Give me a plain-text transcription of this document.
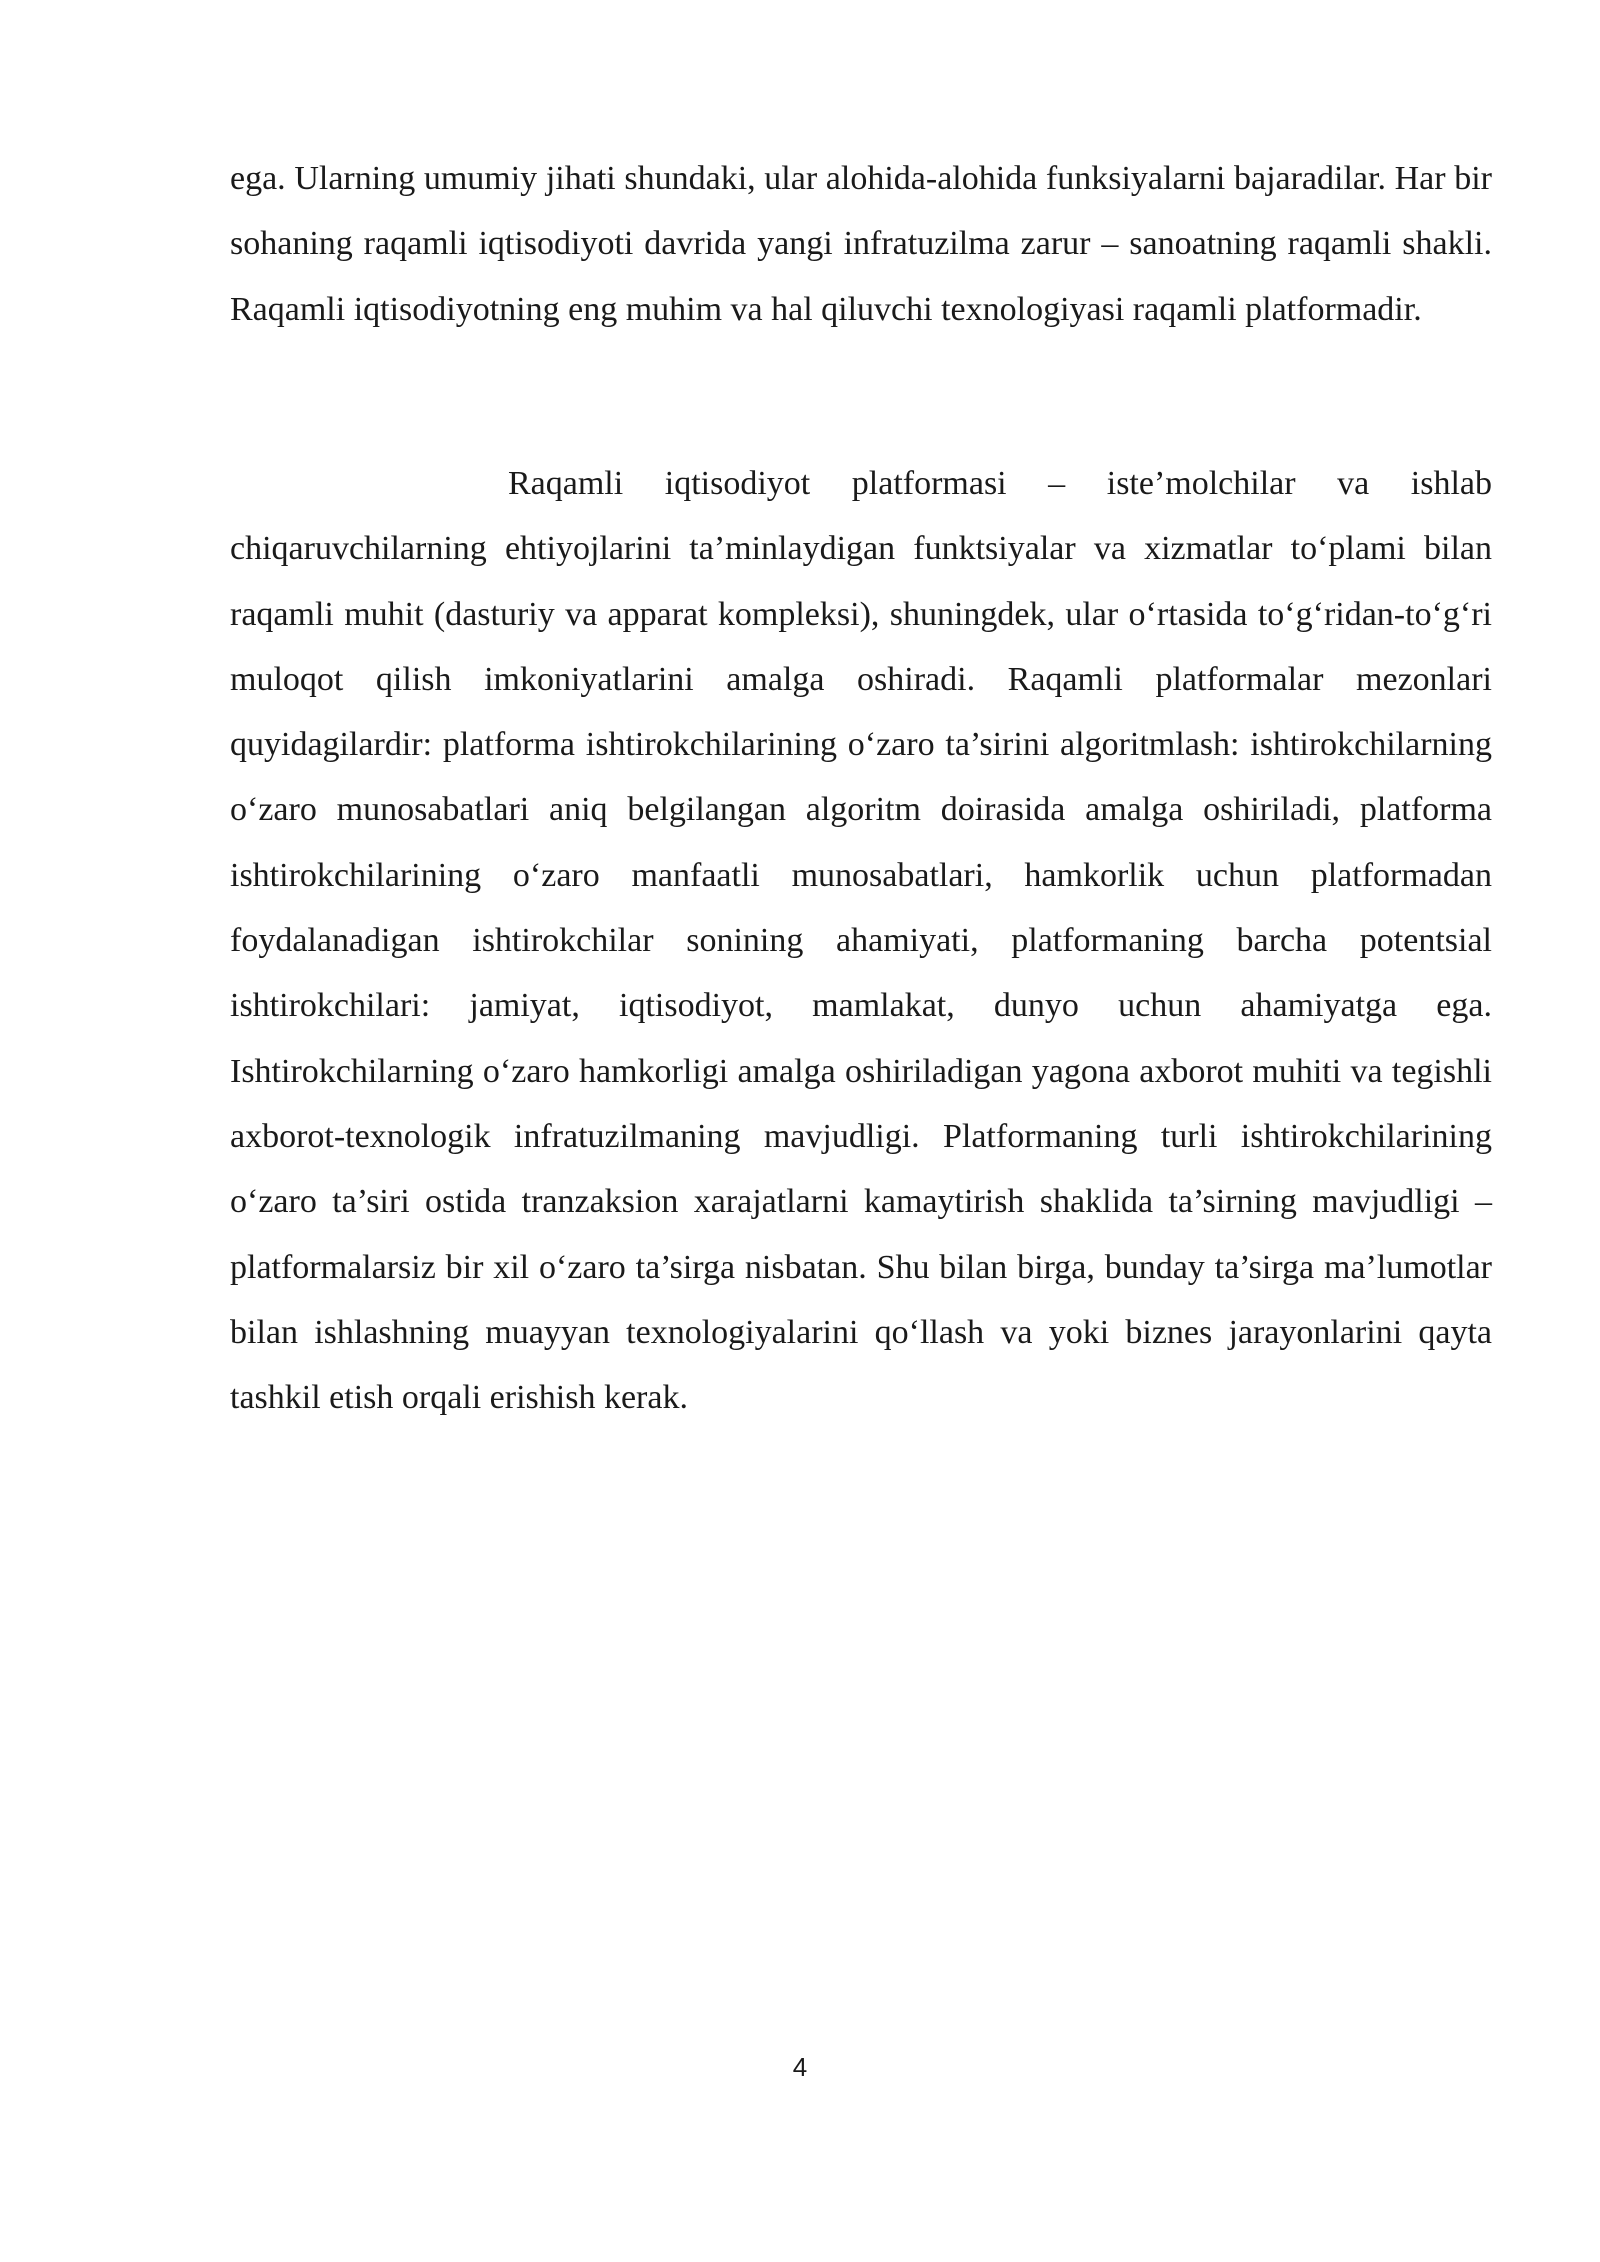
ega. Ularning umumiy jihati shundaki, ular alohida-alohida funksiyalarni bajaradilar. Har bir sohaning raqamli iqtisodiyoti davrida yangi infratuzilma zarur – sanoatning raqamli shakli. Raqamli iqtisodiyotning eng muhim va hal qiluvchi texnologiyasi raqamli platformadir.

Raqamli iqtisodiyot platformasi – iste’molchilar va ishlab chiqaruvchilarning ehtiyojlarini ta’minlaydigan funktsiyalar va xizmatlar to‘plami bilan raqamli muhit (dasturiy va apparat kompleksi), shuningdek, ular o‘rtasida to‘g‘ridan-to‘g‘ri muloqot qilish imkoniyatlarini amalga oshiradi. Raqamli platformalar mezonlari quyidagilardir: platforma ishtirokchilarining o‘zaro ta’sirini algoritmlash: ishtirokchilarning o‘zaro munosabatlari aniq belgilangan algoritm doirasida amalga oshiriladi, platforma ishtirokchilarining o‘zaro manfaatli munosabatlari, hamkorlik uchun platformadan foydalanadigan ishtirokchilar sonining ahamiyati, platformaning barcha potentsial ishtirokchilari: jamiyat, iqtisodiyot, mamlakat, dunyo uchun ahamiyatga ega. Ishtirokchilarning o‘zaro hamkorligi amalga oshiriladigan yagona axborot muhiti va tegishli axborot-texnologik infratuzilmaning mavjudligi. Platformaning turli ishtirokchilarining o‘zaro ta’siri ostida tranzaksion xarajatlarni kamaytirish shaklida ta’sirning mavjudligi – platformalarsiz bir xil o‘zaro ta’sirga nisbatan. Shu bilan birga, bunday ta’sirga ma’lumotlar bilan ishlashning muayyan texnologiyalarini qo‘llash va yoki biznes jarayonlarini qayta tashkil etish orqali erishish kerak.

4
